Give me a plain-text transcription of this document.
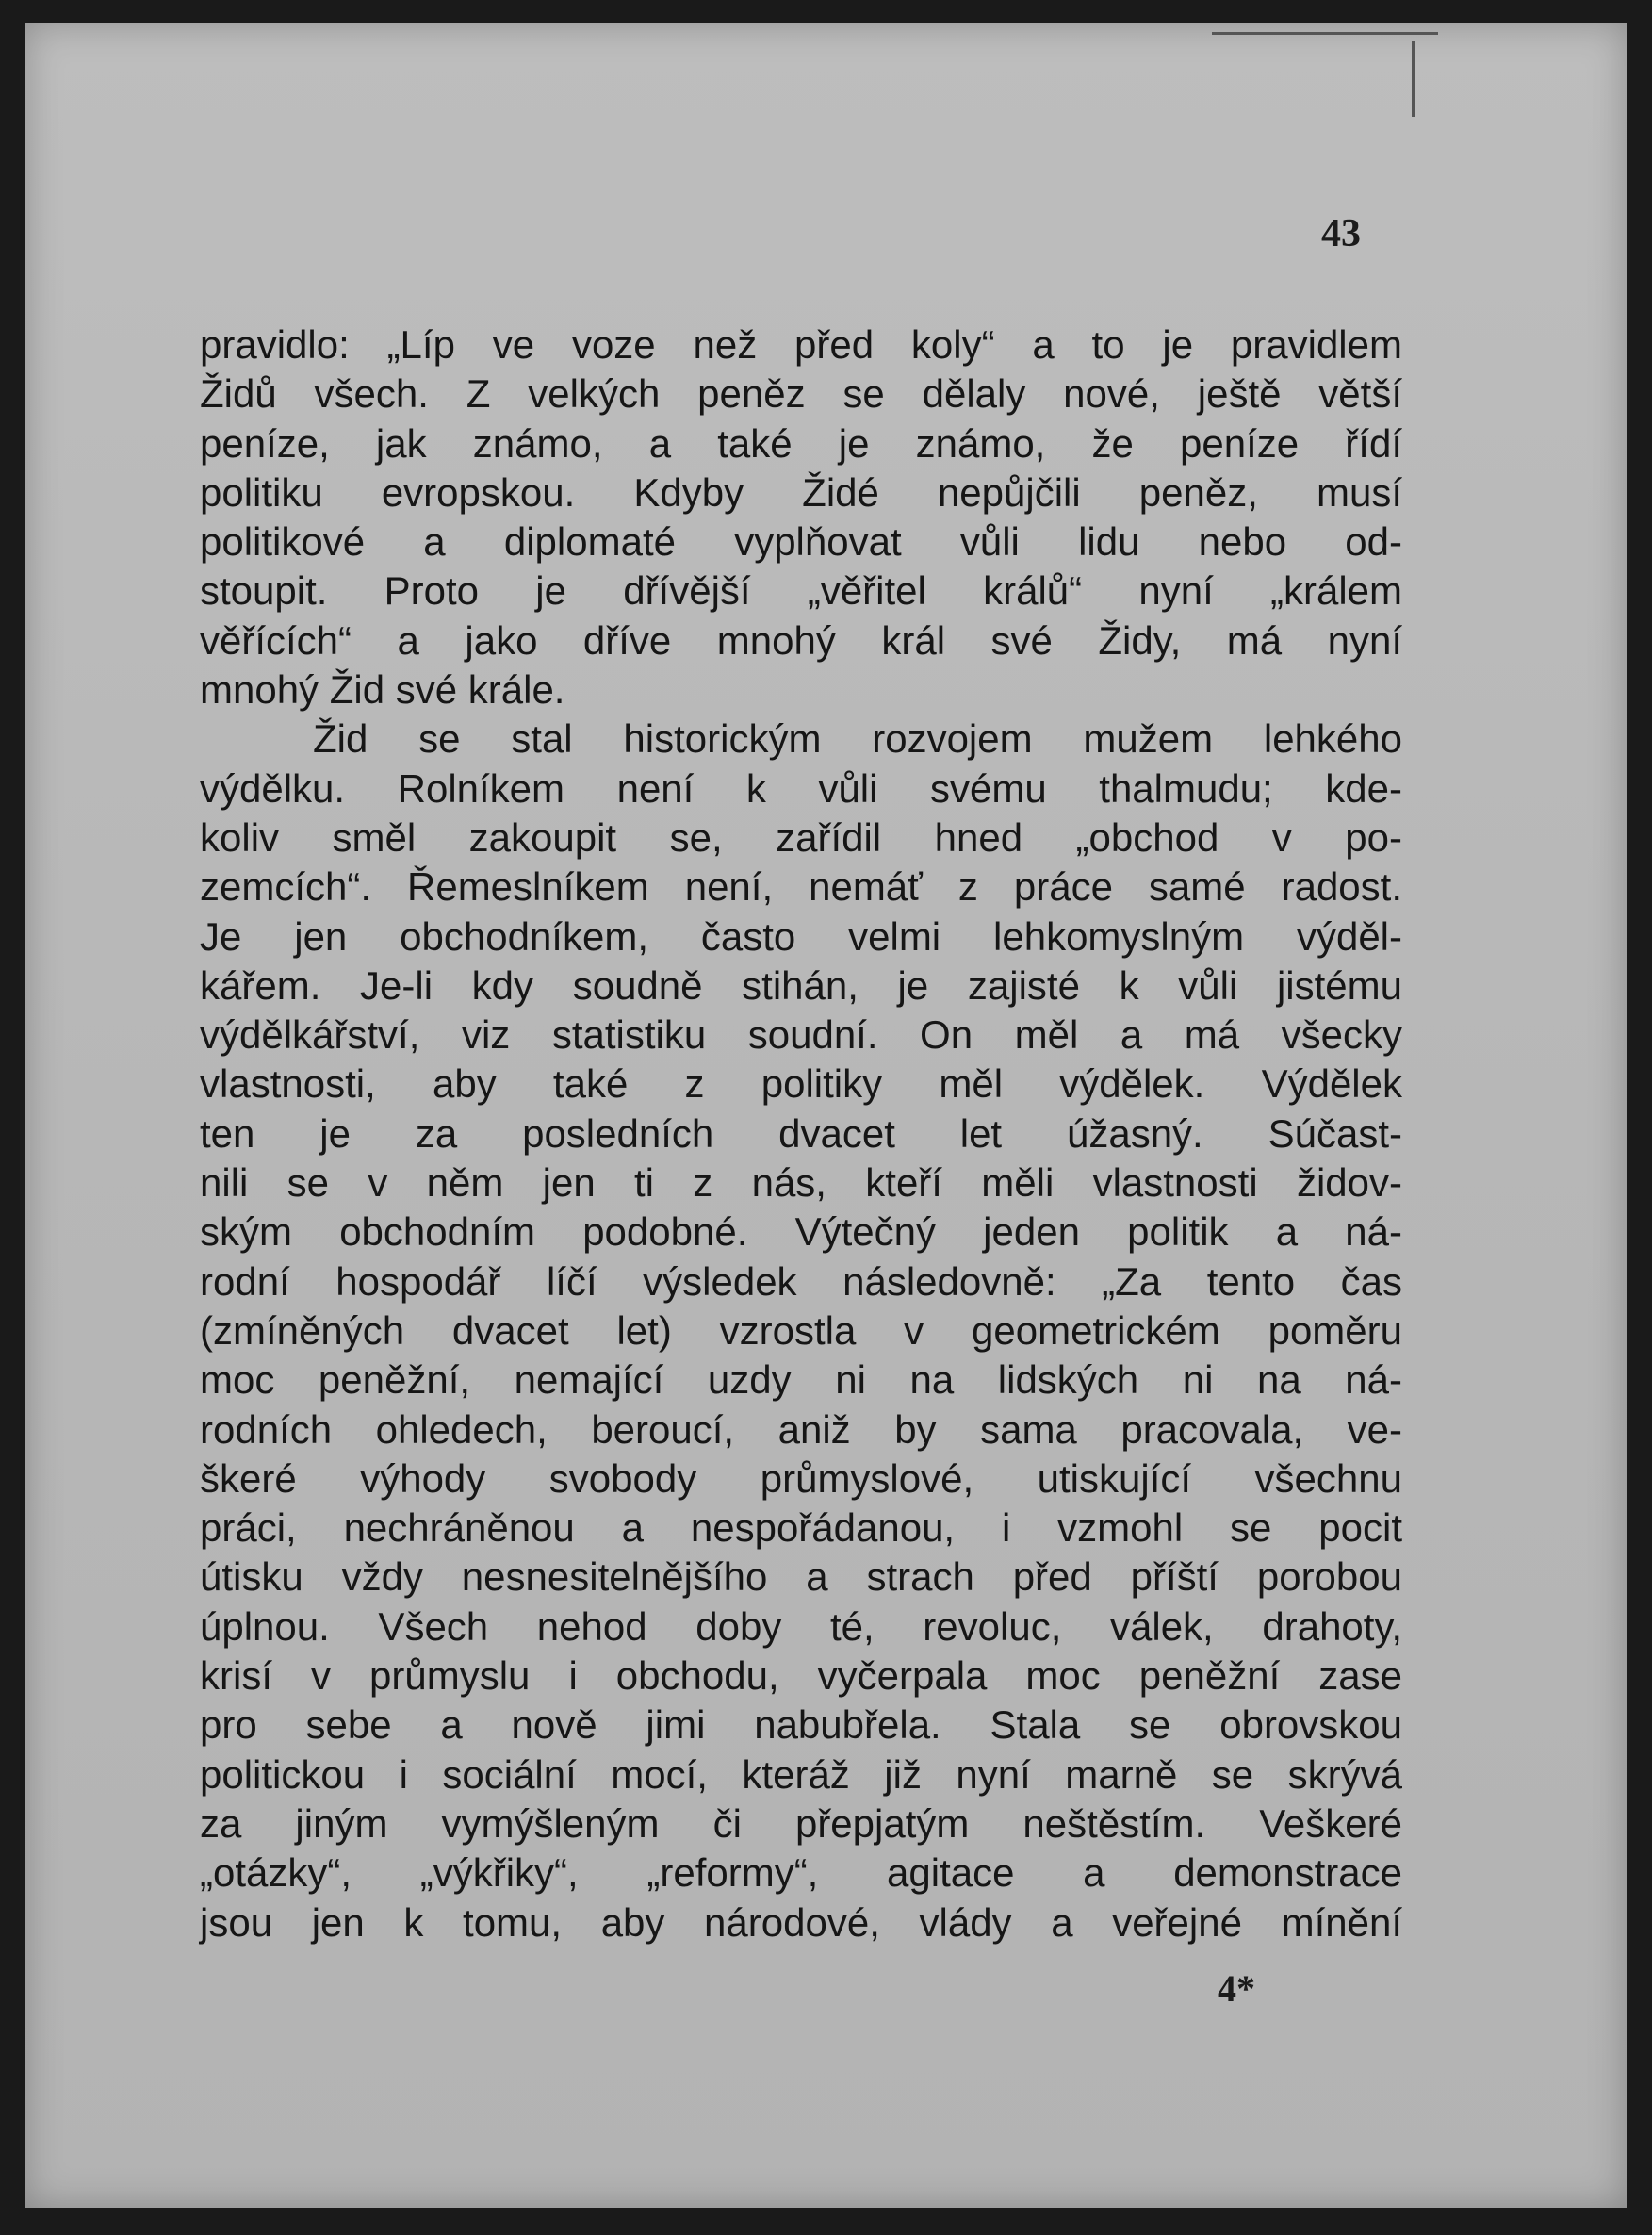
43
pravidlo: „Líp ve voze než před koly“ a to je pravidlem
Židů všech. Z velkých peněz se dělaly nové, ještě větší
peníze, jak známo, a také je známo, že peníze řídí
politiku evropskou. Kdyby Židé nepůjčili peněz, musí
politikové a diplomaté vyplňovat vůli lidu nebo od-
stoupit. Proto je dřívější „věřitel králů“ nyní „králem
věřících“ a jako dříve mnohý král své Židy, má nyní
mnohý Žid své krále.
Žid se stal historickým rozvojem mužem lehkého
výdělku. Rolníkem není k vůli svému thalmudu; kde-
koliv směl zakoupit se, zařídil hned „obchod v po-
zemcích“. Řemeslníkem není, nemáť z práce samé radost.
Je jen obchodníkem, často velmi lehkomyslným výděl-
kářem. Je-li kdy soudně stihán, je zajisté k vůli jistému
výdělkářství, viz statistiku soudní. On měl a má všecky
vlastnosti, aby také z politiky měl výdělek. Výdělek
ten je za posledních dvacet let úžasný. Súčast-
nili se v něm jen ti z nás, kteří měli vlastnosti židov-
ským obchodním podobné. Výtečný jeden politik a ná-
rodní hospodář líčí výsledek následovně: „Za tento čas
(zmíněných dvacet let) vzrostla v geometrickém poměru
moc peněžní, nemající uzdy ni na lidských ni na ná-
rodních ohledech, beroucí, aniž by sama pracovala, ve-
škeré výhody svobody průmyslové, utiskující všechnu
práci, nechráněnou a nespořádanou, i vzmohl se pocit
útisku vždy nesnesitelnějšího a strach před příští porobou
úplnou. Všech nehod doby té, revoluc, válek, drahoty,
krisí v průmyslu i obchodu, vyčerpala moc peněžní zase
pro sebe a nově jimi nabubřela. Stala se obrovskou
politickou i sociální mocí, kteráž již nyní marně se skrývá
za jiným vymýšleným či přepjatým neštěstím. Veškeré
„otázky“, „výkřiky“, „reformy“, agitace a demonstrace
jsou jen k tomu, aby národové, vlády a veřejné mínění
4*
